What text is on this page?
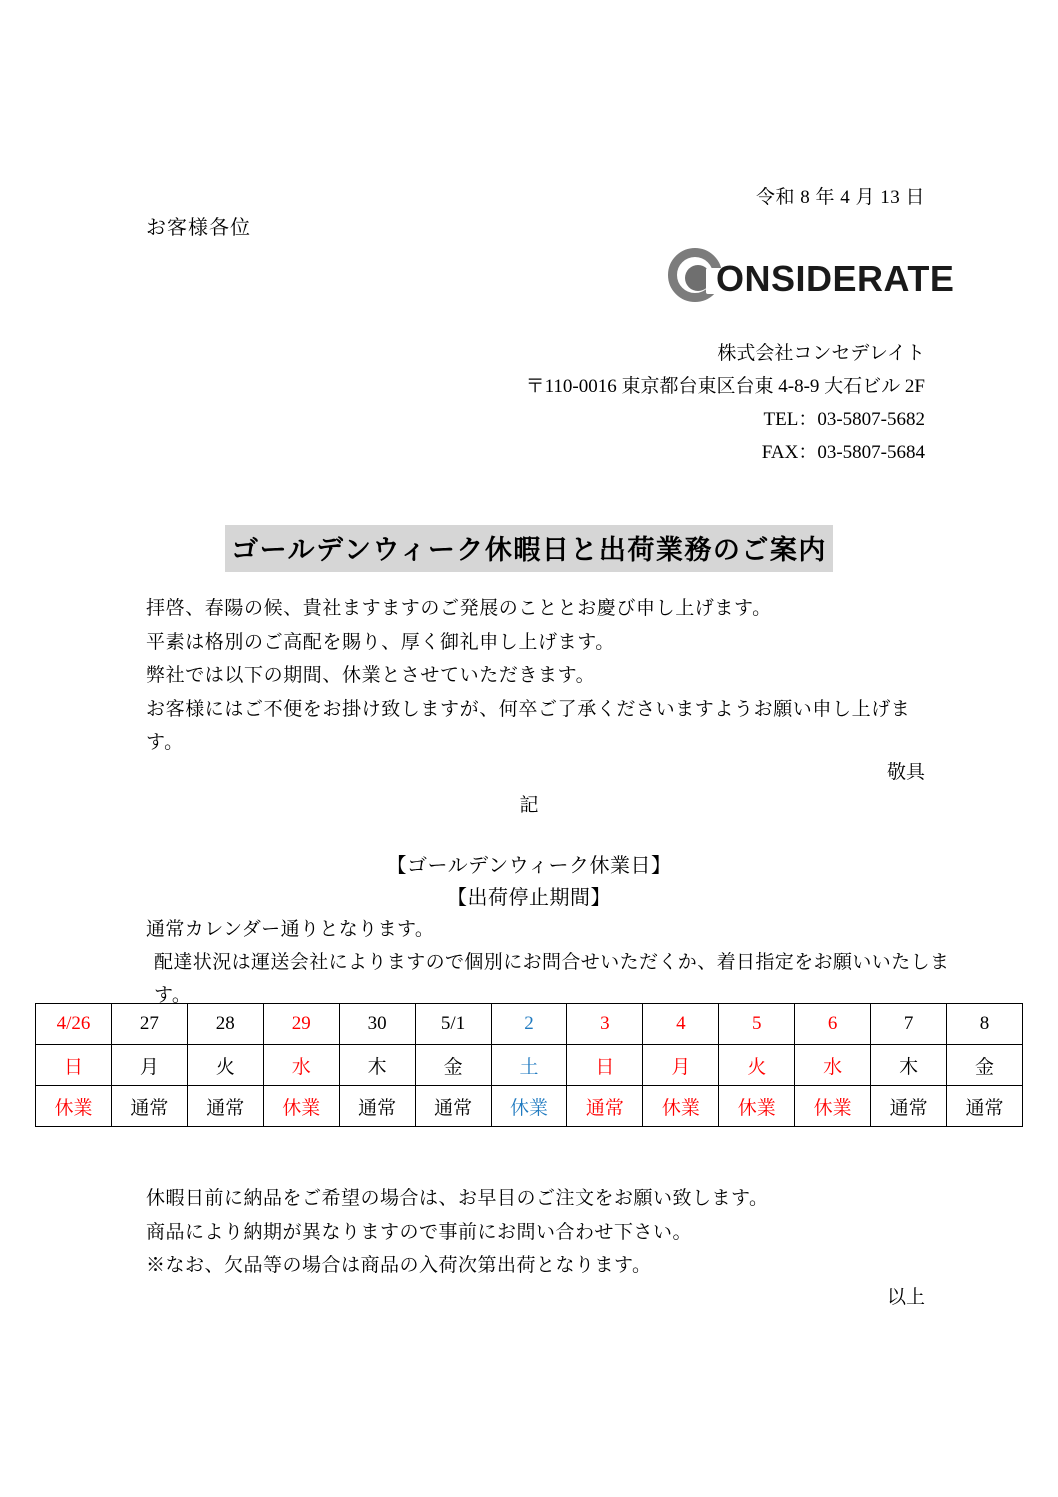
令和 8 年 4 月 13 日
お客様各位
ONSIDERATE
株式会社コンセデレイト
〒110-0016 東京都台東区台東 4-8-9 大石ビル 2F
TEL：03-5807-5682
FAX：03-5807-5684
ゴールデンウィーク休暇日と出荷業務のご案内
拝啓、春陽の候、貴社ますますのご発展のこととお慶び申し上げます。
平素は格別のご高配を賜り、厚く御礼申し上げます。
弊社では以下の期間、休業とさせていただきます。
お客様にはご不便をお掛け致しますが、何卒ご了承くださいますようお願い申し上げます。
敬具
記
【ゴールデンウィーク休業日】
【出荷停止期間】
通常カレンダー通りとなります。
配達状況は運送会社によりますので個別にお問合せいただくか、着日指定をお願いいたします。
4/26	27	28	29	30	5/1	2	3	4	5	6	7	8
日	月	火	水	木	金	土	日	月	火	水	木	金
休業	通常	通常	休業	通常	通常	休業	通常	休業	休業	休業	通常	通常
休暇日前に納品をご希望の場合は、お早目のご注文をお願い致します。
商品により納期が異なりますので事前にお問い合わせ下さい。
※なお、欠品等の場合は商品の入荷次第出荷となります。
以上
